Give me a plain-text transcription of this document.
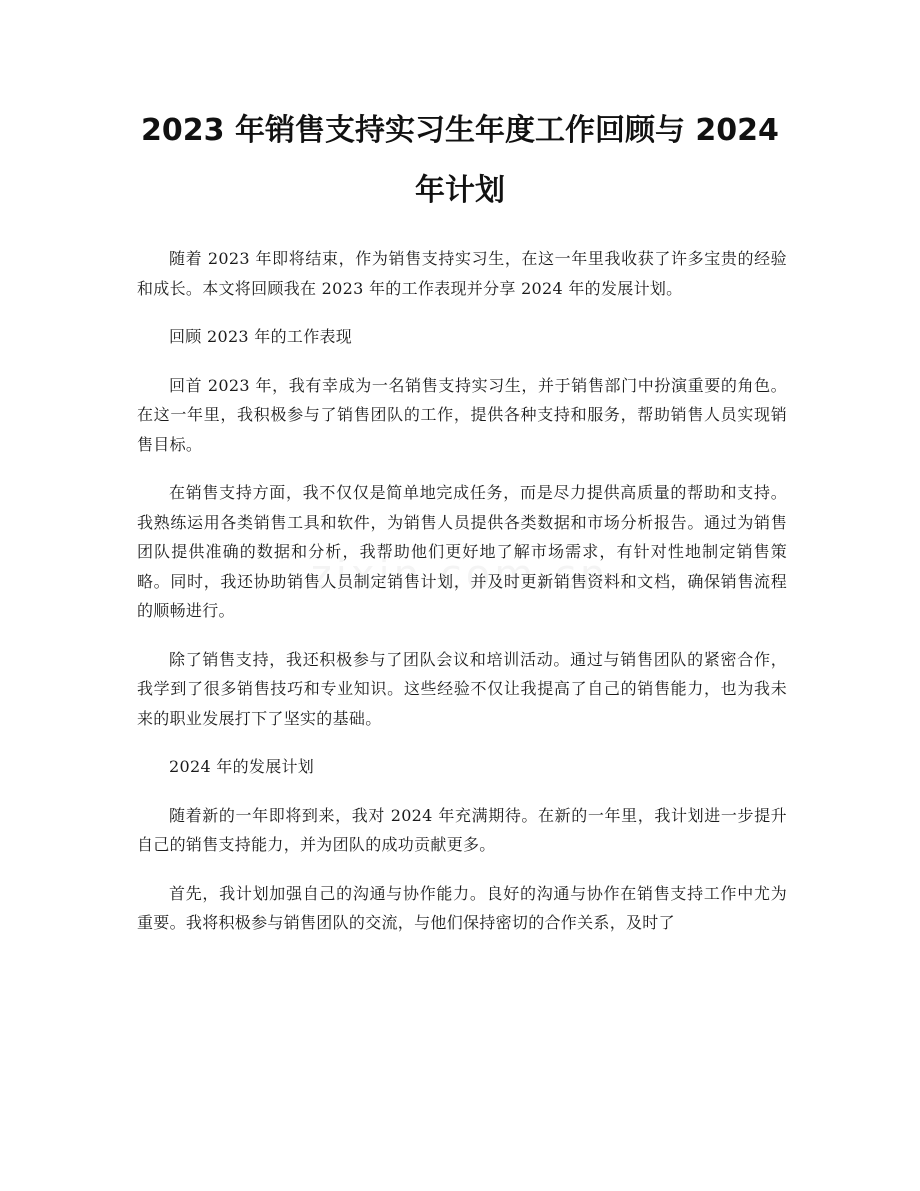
2023 年销售支持实习生年度工作回顾与 2024
年计划

随着 2023 年即将结束，作为销售支持实习生，在这一年里我收获了许多宝贵的经验和成长。本文将回顾我在 2023 年的工作表现并分享 2024 年的发展计划。

回顾 2023 年的工作表现

回首 2023 年，我有幸成为一名销售支持实习生，并于销售部门中扮演重要的角色。在这一年里，我积极参与了销售团队的工作，提供各种支持和服务，帮助销售人员实现销售目标。

在销售支持方面，我不仅仅是简单地完成任务，而是尽力提供高质量的帮助和支持。我熟练运用各类销售工具和软件，为销售人员提供各类数据和市场分析报告。通过为销售团队提供准确的数据和分析，我帮助他们更好地了解市场需求，有针对性地制定销售策略。同时，我还协助销售人员制定销售计划，并及时更新销售资料和文档，确保销售流程的顺畅进行。

除了销售支持，我还积极参与了团队会议和培训活动。通过与销售团队的紧密合作，我学到了很多销售技巧和专业知识。这些经验不仅让我提高了自己的销售能力，也为我未来的职业发展打下了坚实的基础。

2024 年的发展计划

随着新的一年即将到来，我对 2024 年充满期待。在新的一年里，我计划进一步提升自己的销售支持能力，并为团队的成功贡献更多。

首先，我计划加强自己的沟通与协作能力。良好的沟通与协作在销售支持工作中尤为重要。我将积极参与销售团队的交流，与他们保持密切的合作关系，及时了
